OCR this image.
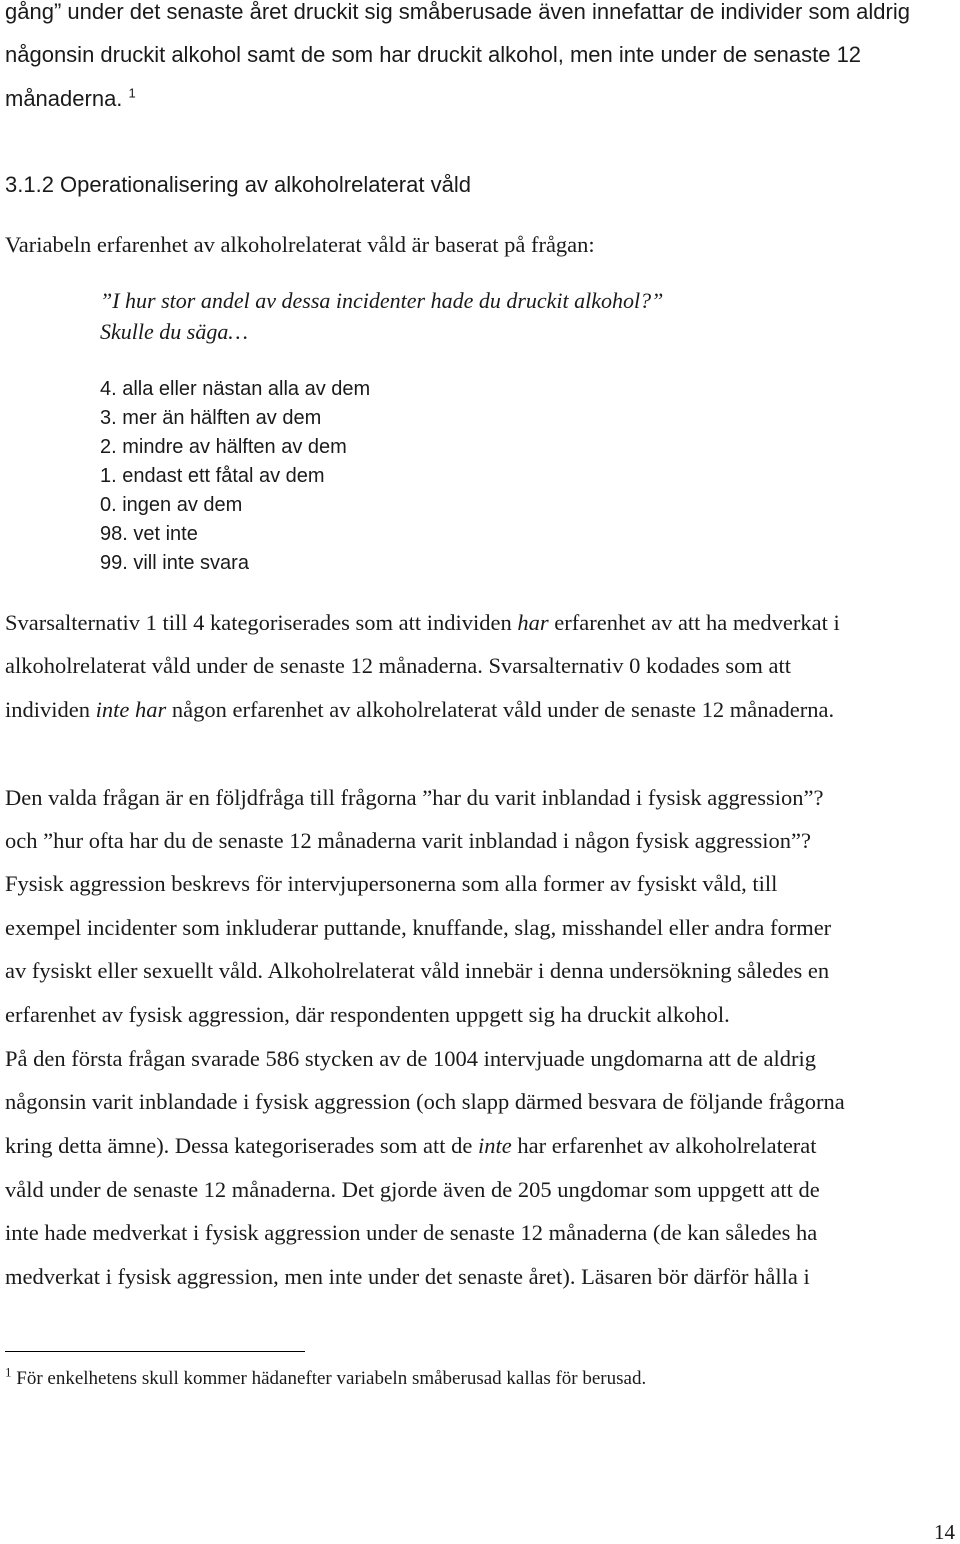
gång” under det senaste året druckit sig småberusade även innefattar de individer som aldrig
någonsin druckit alkohol samt de som har druckit alkohol, men inte under de senaste 12
månaderna. $^1$
3.1.2 Operationalisering av alkoholrelaterat våld
Variabeln erfarenhet av alkoholrelaterat våld är baserat på frågan:
”I hur stor andel av dessa incidenter hade du druckit alkohol?”
Skulle du säga…
4. alla eller nästan alla av dem
3. mer än hälften av dem
2. mindre av hälften av dem
1. endast ett fåtal av dem
0. ingen av dem
98. vet inte
99. vill inte svara
Svarsalternativ 1 till 4 kategoriserades som att individen har erfarenhet av att ha medverkat i
alkoholrelaterat våld under de senaste 12 månaderna. Svarsalternativ 0 kodades som att
individen inte har någon erfarenhet av alkoholrelaterat våld under de senaste 12 månaderna.
Den valda frågan är en följdfråga till frågorna ”har du varit inblandad i fysisk aggression”?
och ”hur ofta har du de senaste 12 månaderna varit inblandad i någon fysisk aggression”?
Fysisk aggression beskrevs för intervjupersonerna som alla former av fysiskt våld, till
exempel incidenter som inkluderar puttande, knuffande, slag, misshandel eller andra former
av fysiskt eller sexuellt våld. Alkoholrelaterat våld innebär i denna undersökning således en
erfarenhet av fysisk aggression, där respondenten uppgett sig ha druckit alkohol.
På den första frågan svarade 586 stycken av de 1004 intervjuade ungdomarna att de aldrig
någonsin varit inblandade i fysisk aggression (och slapp därmed besvara de följande frågorna
kring detta ämne). Dessa kategoriserades som att de inte har erfarenhet av alkoholrelaterat
våld under de senaste 12 månaderna. Det gjorde även de 205 ungdomar som uppgett att de
inte hade medverkat i fysisk aggression under de senaste 12 månaderna (de kan således ha
medverkat i fysisk aggression, men inte under det senaste året). Läsaren bör därför hålla i
$^1$ För enkelhetens skull kommer hädanefter variabeln småberusad kallas för berusad.
14
